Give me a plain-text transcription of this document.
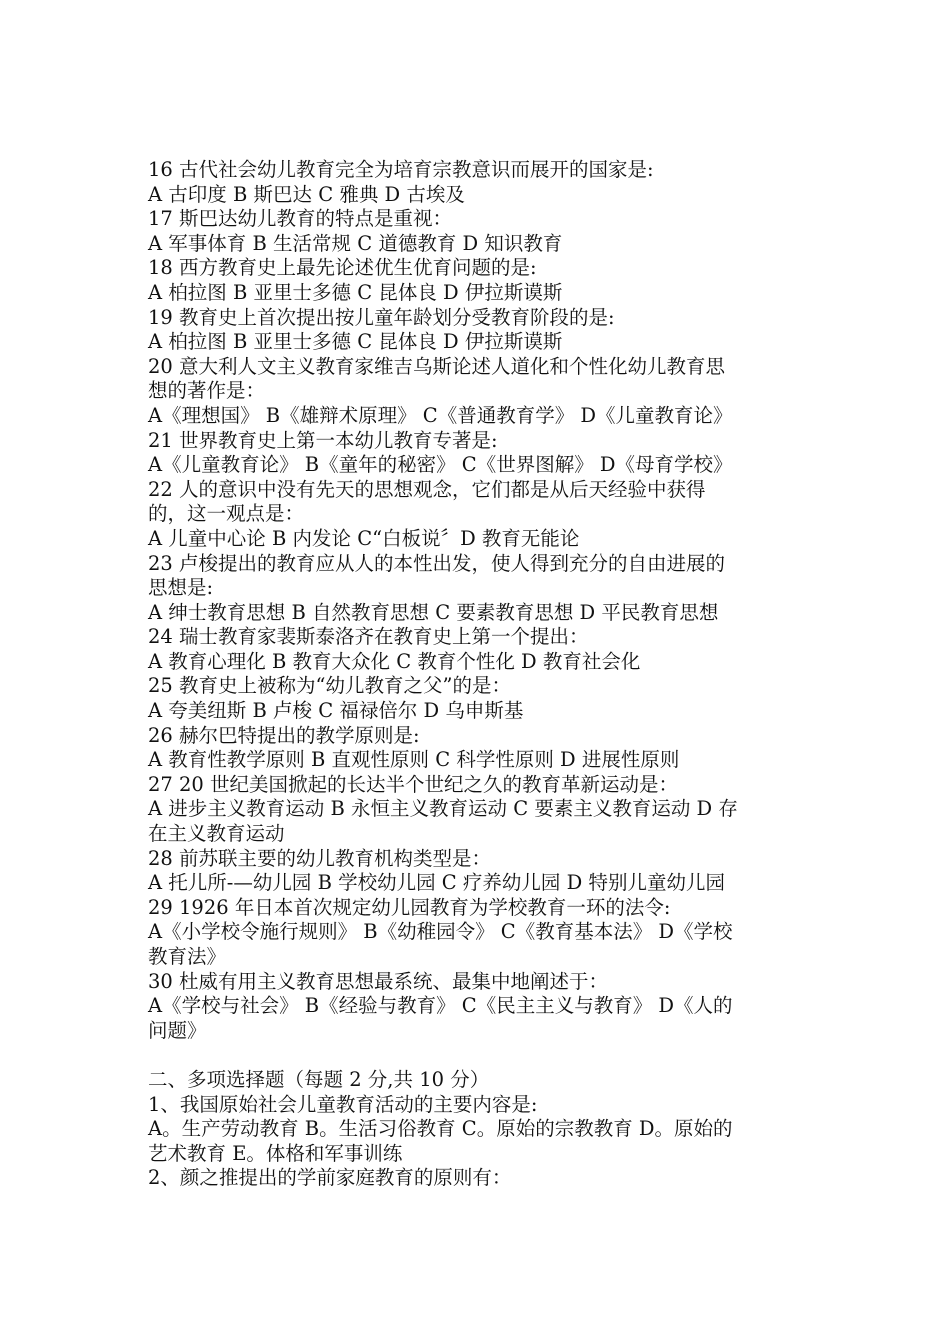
16 古代社会幼儿教育完全为培育宗教意识而展开的国家是:
A 古印度 B 斯巴达 C 雅典 D 古埃及
17 斯巴达幼儿教育的特点是重视：
A 军事体育 B 生活常规 C 道德教育 D 知识教育
18 西方教育史上最先论述优生优育问题的是:
A 柏拉图 B 亚里士多德 C 昆体良 D 伊拉斯谟斯
19 教育史上首次提出按儿童年龄划分受教育阶段的是:
A 柏拉图 B 亚里士多德 C 昆体良 D 伊拉斯谟斯
20 意大利人文主义教育家维吉乌斯论述人道化和个性化幼儿教育思
想的著作是：
A《理想国》 B《雄辩术原理》 C《普通教育学》 D《儿童教育论》
21 世界教育史上第一本幼儿教育专著是:
A《儿童教育论》 B《童年的秘密》 C《世界图解》 D《母育学校》
22 人的意识中没有先天的思想观念，它们都是从后天经验中获得
的，这一观点是：
A 儿童中心论 B 内发论 C“白板说〞D 教育无能论
23 卢梭提出的教育应从人的本性出发，使人得到充分的自由进展的
思想是:
A 绅士教育思想 B 自然教育思想 C 要素教育思想 D 平民教育思想
24 瑞士教育家裴斯泰洛齐在教育史上第一个提出：
A 教育心理化 B 教育大众化 C 教育个性化 D 教育社会化
25 教育史上被称为“幼儿教育之父”的是：
A 夸美纽斯 B 卢梭 C 福禄倍尔 D 乌申斯基
26 赫尔巴特提出的教学原则是:
A 教育性教学原则 B 直观性原则 C 科学性原则 D 进展性原则
27 20 世纪美国掀起的长达半个世纪之久的教育革新运动是：
A 进步主义教育运动 B 永恒主义教育运动 C 要素主义教育运动 D 存
在主义教育运动
28 前苏联主要的幼儿教育机构类型是：
A 托儿所-—幼儿园 B 学校幼儿园 C 疗养幼儿园 D 特别儿童幼儿园
29 1926 年日本首次规定幼儿园教育为学校教育一环的法令:
A《小学校令施行规则》 B《幼稚园令》 C《教育基本法》 D《学校
教育法》
30 杜威有用主义教育思想最系统、最集中地阐述于：
A《学校与社会》 B《经验与教育》 C《民主主义与教育》 D《人的
问题》
二、多项选择题（每题 2 分,共 10 分）
1、我国原始社会儿童教育活动的主要内容是:
A。生产劳动教育 B。生活习俗教育 C。原始的宗教教育 D。原始的
艺术教育 E。体格和军事训练
2、颜之推提出的学前家庭教育的原则有：
